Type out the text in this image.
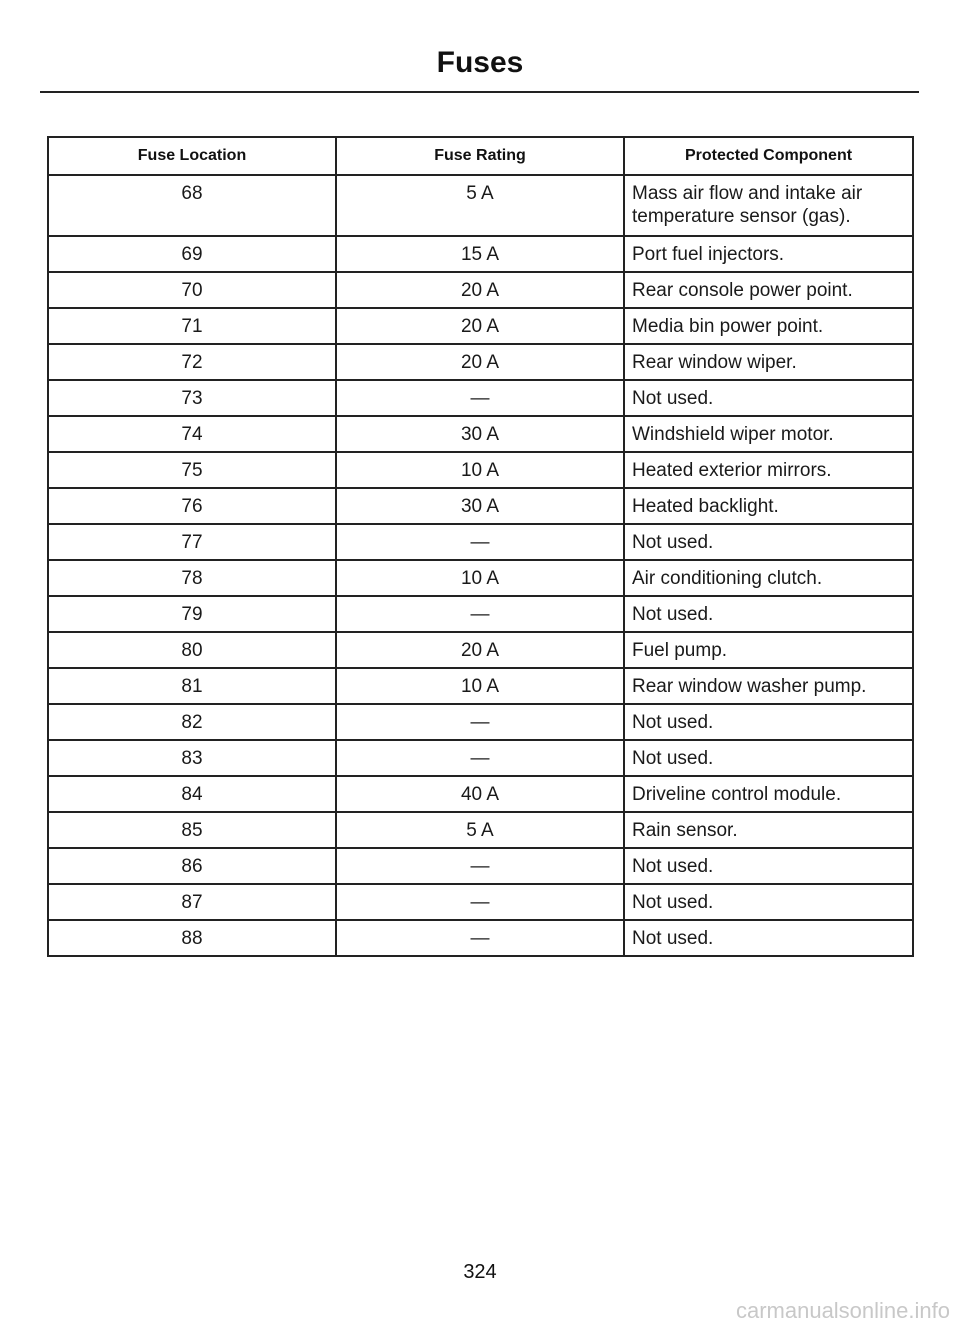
Fuses
Fuse Location	Fuse Rating	Protected Component
68	5 A	Mass air flow and intake air
temperature sensor (gas).

69	15 A	Port fuel injectors.

70	20 A	Rear console power point.

71	20 A	Media bin power point.

72	20 A	Rear window wiper.

73	—	Not used.

74	30 A	Windshield wiper motor.

75	10 A	Heated exterior mirrors.

76	30 A	Heated backlight.

77	—	Not used.

78	10 A	Air conditioning clutch.

79	—	Not used.

80	20 A	Fuel pump.

81	10 A	Rear window washer pump.

82	—	Not used.

83	—	Not used.

84	40 A	Driveline control module.

85	5 A	Rain sensor.

86	—	Not used.

87	—	Not used.

88	—	Not used.
324
carmanualsonline.info
